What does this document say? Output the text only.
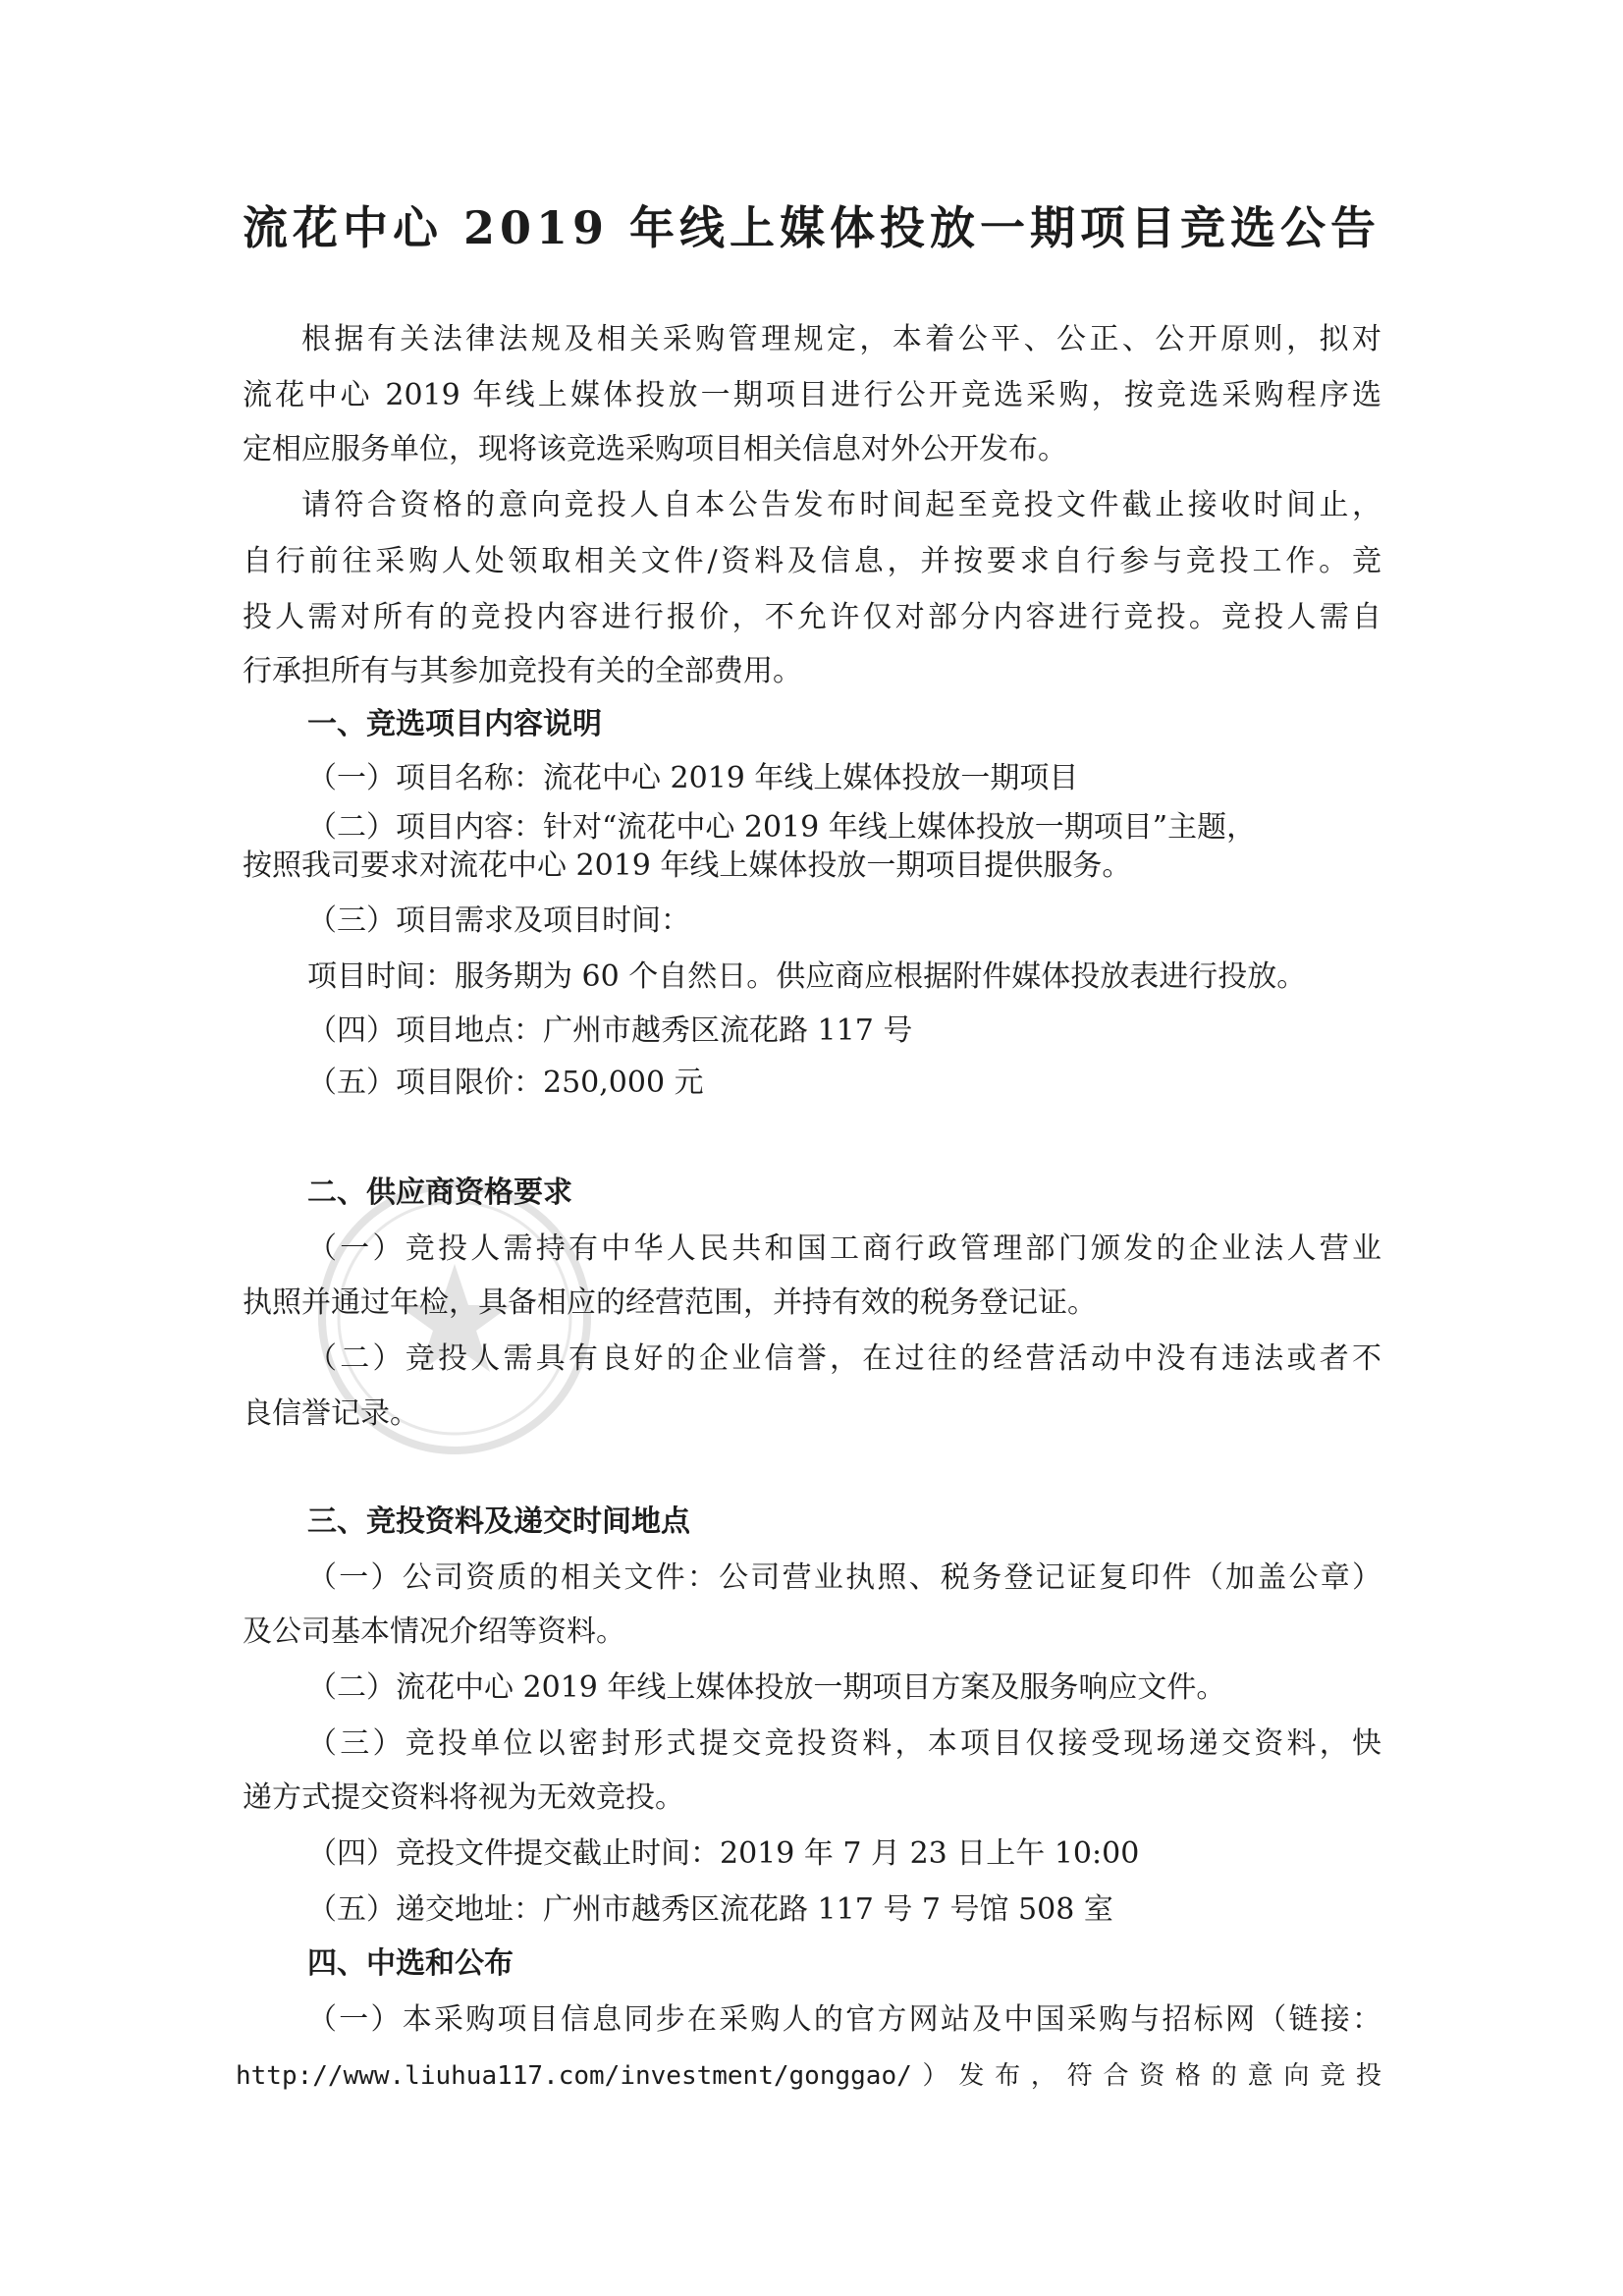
流花中心 2019 年线上媒体投放一期项目竞选公告
根据有关法律法规及相关采购管理规定，本着公平、公正、公开原则，拟对
流花中心 2019 年线上媒体投放一期项目进行公开竞选采购，按竞选采购程序选
定相应服务单位，现将该竞选采购项目相关信息对外公开发布。
请符合资格的意向竞投人自本公告发布时间起至竞投文件截止接收时间止，
自行前往采购人处领取相关文件/资料及信息，并按要求自行参与竞投工作。竞
投人需对所有的竞投内容进行报价，不允许仅对部分内容进行竞投。竞投人需自
行承担所有与其参加竞投有关的全部费用。
一、竞选项目内容说明
（一）项目名称：流花中心 2019 年线上媒体投放一期项目
（二）项目内容：针对“流花中心 2019 年线上媒体投放一期项目”主题，
按照我司要求对流花中心 2019 年线上媒体投放一期项目提供服务。
（三）项目需求及项目时间：
项目时间：服务期为 60 个自然日。供应商应根据附件媒体投放表进行投放。
（四）项目地点：广州市越秀区流花路 117 号
（五）项目限价：250,000 元
二、供应商资格要求
（一）竞投人需持有中华人民共和国工商行政管理部门颁发的企业法人营业
执照并通过年检，具备相应的经营范围，并持有效的税务登记证。
（二）竞投人需具有良好的企业信誉，在过往的经营活动中没有违法或者不
良信誉记录。
三、竞投资料及递交时间地点
（一）公司资质的相关文件：公司营业执照、税务登记证复印件（加盖公章）
及公司基本情况介绍等资料。
（二）流花中心 2019 年线上媒体投放一期项目方案及服务响应文件。
（三）竞投单位以密封形式提交竞投资料，本项目仅接受现场递交资料，快
递方式提交资料将视为无效竞投。
（四）竞投文件提交截止时间：2019 年 7 月 23 日上午 10:00
（五）递交地址：广州市越秀区流花路 117 号 7 号馆 508 室
四、中选和公布
（一）本采购项目信息同步在采购人的官方网站及中国采购与招标网（链接：
http://www.liuhua117.com/investment/gonggao/）发布，符合资格的意向竞投
